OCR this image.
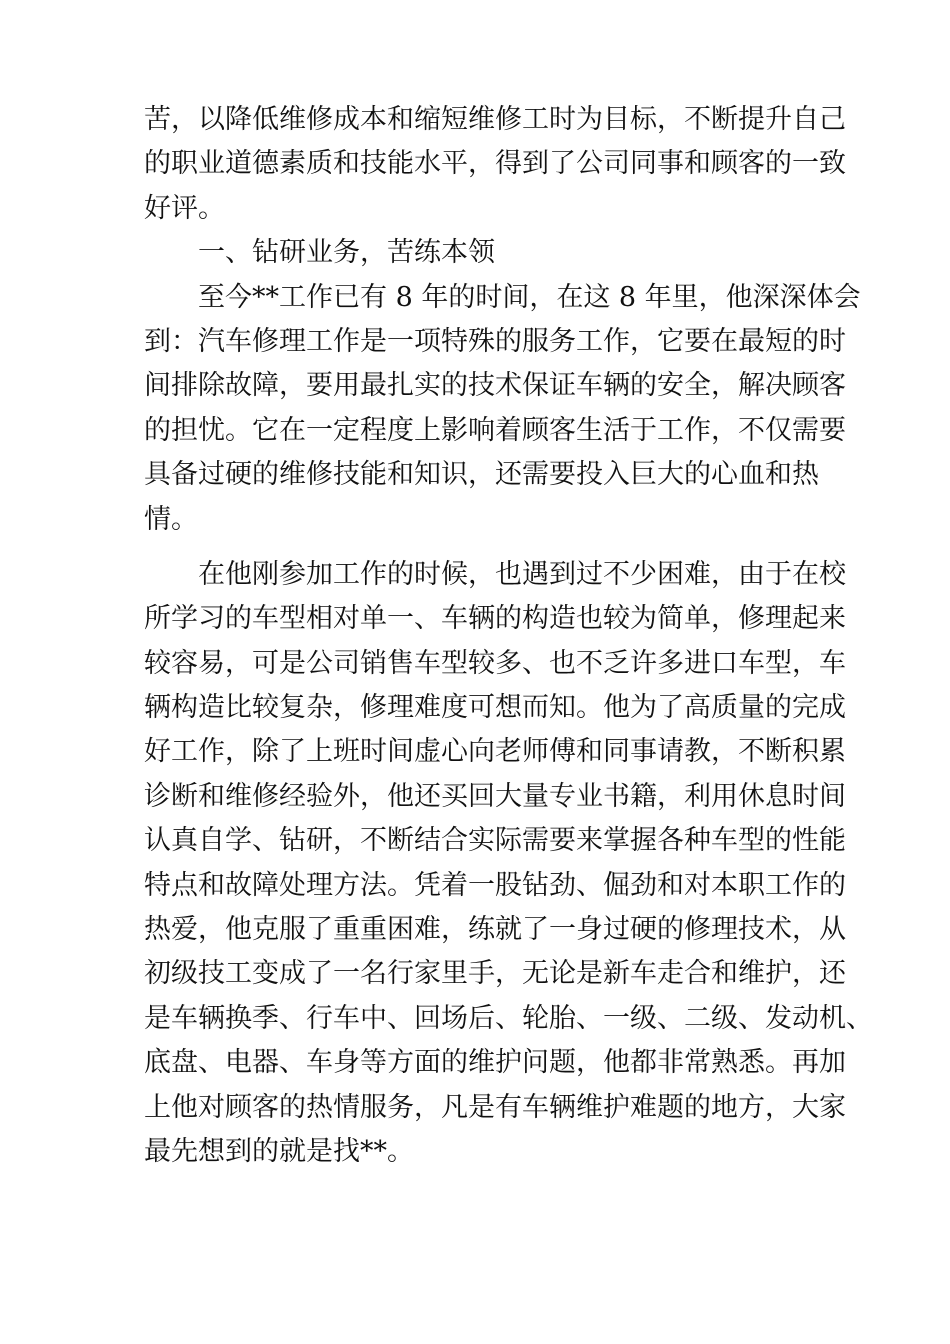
苦，以降低维修成本和缩短维修工时为目标，不断提升自己
的职业道德素质和技能水平，得到了公司同事和顾客的一致
好评。
一、钻研业务，苦练本领
至今**工作已有 8 年的时间，在这 8 年里，他深深体会
到：汽车修理工作是一项特殊的服务工作，它要在最短的时
间排除故障，要用最扎实的技术保证车辆的安全，解决顾客
的担忧。它在一定程度上影响着顾客生活于工作，不仅需要
具备过硬的维修技能和知识，还需要投入巨大的心血和热
情。
在他刚参加工作的时候，也遇到过不少困难，由于在校
所学习的车型相对单一、车辆的构造也较为简单，修理起来
较容易，可是公司销售车型较多、也不乏许多进口车型，车
辆构造比较复杂，修理难度可想而知。他为了高质量的完成
好工作，除了上班时间虚心向老师傅和同事请教，不断积累
诊断和维修经验外，他还买回大量专业书籍，利用休息时间
认真自学、钻研，不断结合实际需要来掌握各种车型的性能
特点和故障处理方法。凭着一股钻劲、倔劲和对本职工作的
热爱，他克服了重重困难，练就了一身过硬的修理技术，从
初级技工变成了一名行家里手，无论是新车走合和维护，还
是车辆换季、行车中、回场后、轮胎、一级、二级、发动机、
底盘、电器、车身等方面的维护问题，他都非常熟悉。再加
上他对顾客的热情服务，凡是有车辆维护难题的地方，大家
最先想到的就是找**。
